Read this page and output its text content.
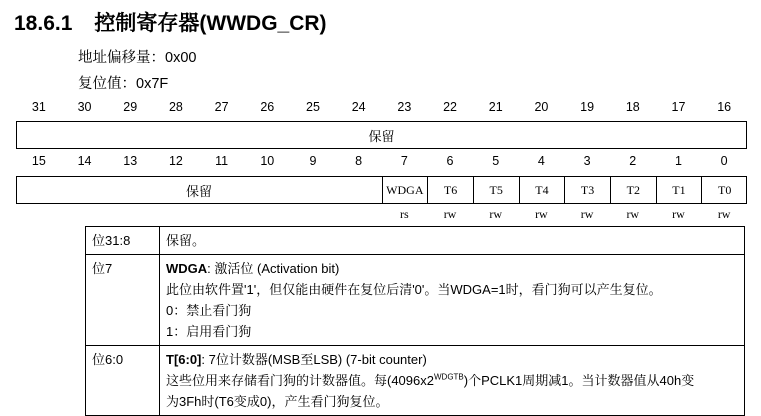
18.6.1 控制寄存器(WWDG_CR)
地址偏移量：0x00
复位值：0x7F
31	30	29	28	27	26	25	24	23	22	21	20	19	18	17	16
保留
15	14	13	12	11	10	9	8	7	6	5	4	3	2	1	0
保留	WDGA	T6	T5	T4	T3	T2	T1	T0
rs	rw	rw	rw	rw	rw	rw	rw
位31:8	保留。
位7	WDGA: 激活位 (Activation bit)
此位由软件置'1'，但仅能由硬件在复位后清'0'。当WDGA=1时，看门狗可以产生复位。
0：禁止看门狗
1：启用看门狗

位6:0	T[6:0]: 7位计数器(MSB至LSB) (7-bit counter)
这些位用来存储看门狗的计数器值。每$(4096x2^{WDGTB})$个PCLK1周期减1。当计数器值从40h变
为3Fh时(T6变成0)，产生看门狗复位。
